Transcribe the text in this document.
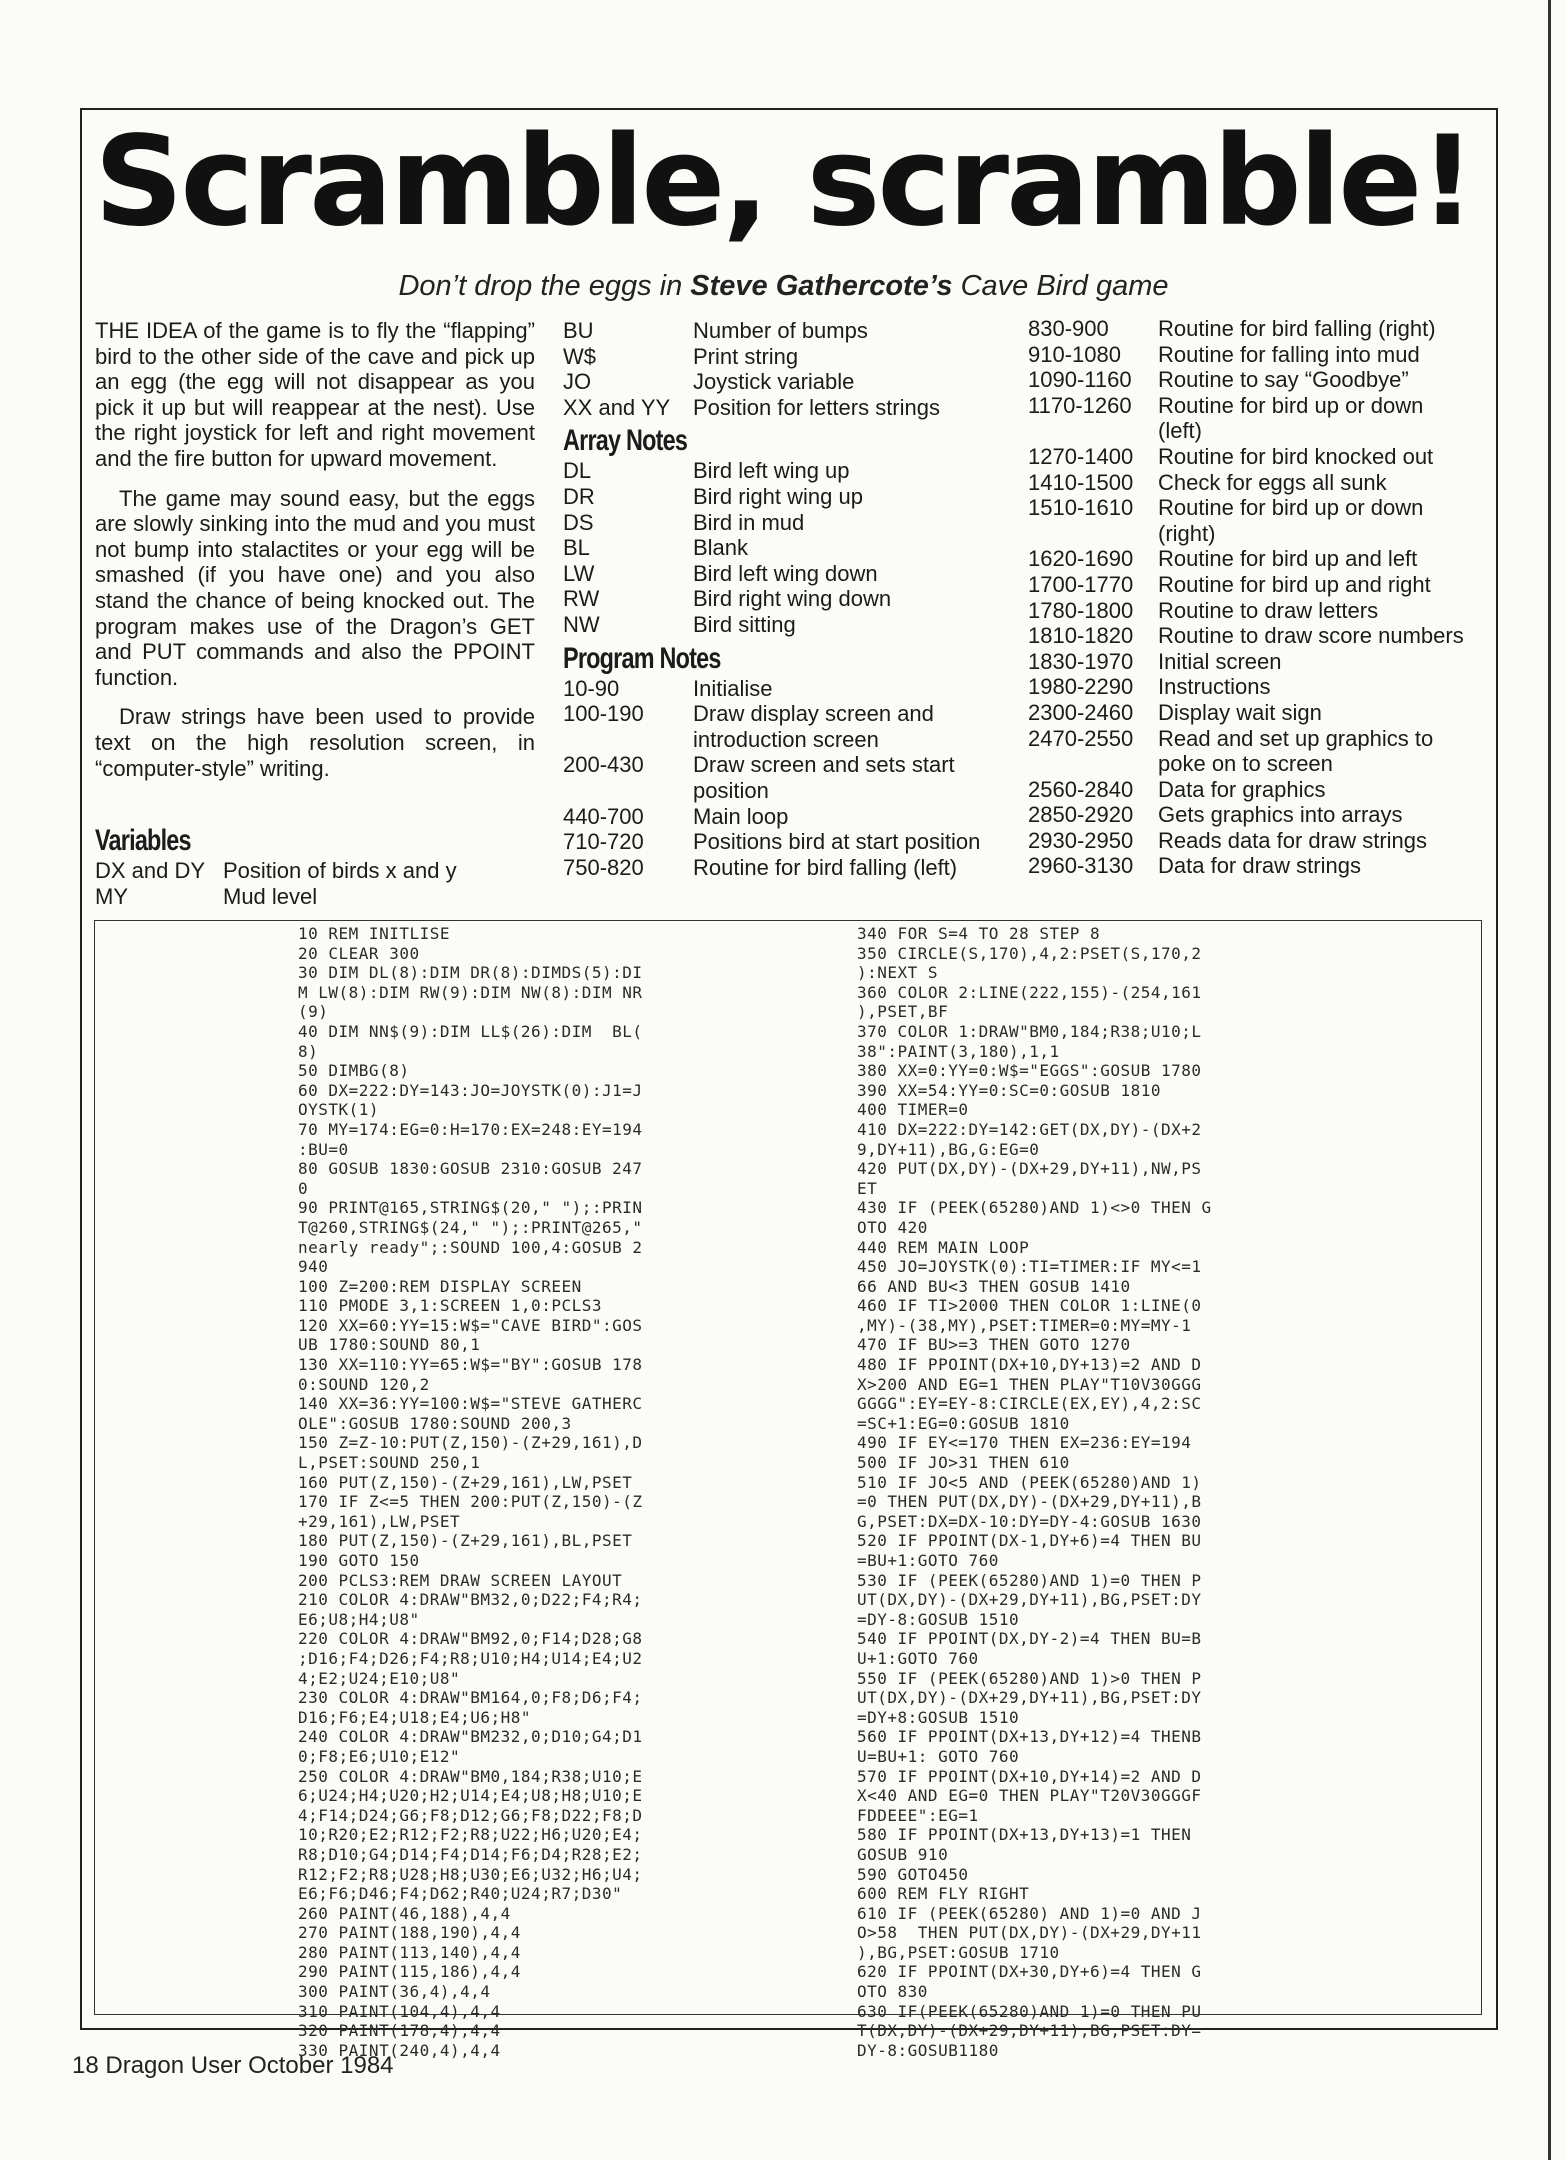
Scramble, scramble!
Don’t drop the eggs in Steve Gathercote’s Cave Bird game

THE IDEA of the game is to fly the “flapping” bird to the other side of the cave and pick up an egg (the egg will not disappear as you pick it up but will reappear at the nest). Use the right joystick for left and right movement and the fire button for upward movement.

The game may sound easy, but the eggs are slowly sinking into the mud and you must not bump into stalactites or your egg will be smashed (if you have one) and you also stand the chance of being knocked out. The program makes use of the Dragon’s GET and PUT commands and also the PPOINT function.

Draw strings have been used to provide text on the high resolution screen, in “computer-style” writing.

Variables
DX and DY	Position of birds x and y
MY	Mud level
BU	Number of bumps
W$	Print string
JO	Joystick variable
XX and YY	Position for letters strings
Array Notes
DL	Bird left wing up
DR	Bird right wing up
DS	Bird in mud
BL	Blank
LW	Bird left wing down
RW	Bird right wing down
NW	Bird sitting
Program Notes
10-90	Initialise
100-190	Draw display screen and introduction screen
200-430	Draw screen and sets start position
440-700	Main loop
710-720	Positions bird at start position
750-820	Routine for bird falling (left)
830-900	Routine for bird falling (right)
910-1080	Routine for falling into mud
1090-1160	Routine to say “Goodbye”
1170-1260	Routine for bird up or down (left)
1270-1400	Routine for bird knocked out
1410-1500	Check for eggs all sunk
1510-1610	Routine for bird up or down (right)
1620-1690	Routine for bird up and left
1700-1770	Routine for bird up and right
1780-1800	Routine to draw letters
1810-1820	Routine to draw score numbers
1830-1970	Initial screen
1980-2290	Instructions
2300-2460	Display wait sign
2470-2550	Read and set up graphics to poke on to screen
2560-2840	Data for graphics
2850-2920	Gets graphics into arrays
2930-2950	Reads data for draw strings
2960-3130	Data for draw strings
10 REM INITLISE
20 CLEAR 300
30 DIM DL(8):DIM DR(8):DIMDS(5):DI
M LW(8):DIM RW(9):DIM NW(8):DIM NR
(9)
40 DIM NN$(9):DIM LL$(26):DIM  BL(
8)
50 DIMBG(8)
60 DX=222:DY=143:JO=JOYSTK(0):J1=J
OYSTK(1)
70 MY=174:EG=0:H=170:EX=248:EY=194
:BU=0
80 GOSUB 1830:GOSUB 2310:GOSUB 247
0
90 PRINT@165,STRING$(20," ");:PRIN
T@260,STRING$(24," ");:PRINT@265,"
nearly ready";:SOUND 100,4:GOSUB 2
940
100 Z=200:REM DISPLAY SCREEN
110 PMODE 3,1:SCREEN 1,0:PCLS3
120 XX=60:YY=15:W$="CAVE BIRD":GOS
UB 1780:SOUND 80,1
130 XX=110:YY=65:W$="BY":GOSUB 178
0:SOUND 120,2
140 XX=36:YY=100:W$="STEVE GATHERC
OLE":GOSUB 1780:SOUND 200,3
150 Z=Z-10:PUT(Z,150)-(Z+29,161),D
L,PSET:SOUND 250,1
160 PUT(Z,150)-(Z+29,161),LW,PSET
170 IF Z<=5 THEN 200:PUT(Z,150)-(Z
+29,161),LW,PSET
180 PUT(Z,150)-(Z+29,161),BL,PSET
190 GOTO 150
200 PCLS3:REM DRAW SCREEN LAYOUT
210 COLOR 4:DRAW"BM32,0;D22;F4;R4;
E6;U8;H4;U8"
220 COLOR 4:DRAW"BM92,0;F14;D28;G8
;D16;F4;D26;F4;R8;U10;H4;U14;E4;U2
4;E2;U24;E10;U8"
230 COLOR 4:DRAW"BM164,0;F8;D6;F4;
D16;F6;E4;U18;E4;U6;H8"
240 COLOR 4:DRAW"BM232,0;D10;G4;D1
0;F8;E6;U10;E12"
250 COLOR 4:DRAW"BM0,184;R38;U10;E
6;U24;H4;U20;H2;U14;E4;U8;H8;U10;E
4;F14;D24;G6;F8;D12;G6;F8;D22;F8;D
10;R20;E2;R12;F2;R8;U22;H6;U20;E4;
R8;D10;G4;D14;F4;D14;F6;D4;R28;E2;
R12;F2;R8;U28;H8;U30;E6;U32;H6;U4;
E6;F6;D46;F4;D62;R40;U24;R7;D30"
260 PAINT(46,188),4,4
270 PAINT(188,190),4,4
280 PAINT(113,140),4,4
290 PAINT(115,186),4,4
300 PAINT(36,4),4,4
310 PAINT(104,4),4,4
320 PAINT(178,4),4,4
330 PAINT(240,4),4,4
340 FOR S=4 TO 28 STEP 8
350 CIRCLE(S,170),4,2:PSET(S,170,2
):NEXT S
360 COLOR 2:LINE(222,155)-(254,161
),PSET,BF
370 COLOR 1:DRAW"BM0,184;R38;U10;L
38":PAINT(3,180),1,1
380 XX=0:YY=0:W$="EGGS":GOSUB 1780
390 XX=54:YY=0:SC=0:GOSUB 1810
400 TIMER=0
410 DX=222:DY=142:GET(DX,DY)-(DX+2
9,DY+11),BG,G:EG=0
420 PUT(DX,DY)-(DX+29,DY+11),NW,PS
ET
430 IF (PEEK(65280)AND 1)<>0 THEN G
OTO 420
440 REM MAIN LOOP
450 JO=JOYSTK(0):TI=TIMER:IF MY<=1
66 AND BU<3 THEN GOSUB 1410
460 IF TI>2000 THEN COLOR 1:LINE(0
,MY)-(38,MY),PSET:TIMER=0:MY=MY-1
470 IF BU>=3 THEN GOTO 1270
480 IF PPOINT(DX+10,DY+13)=2 AND D
X>200 AND EG=1 THEN PLAY"T10V30GGG
GGGG":EY=EY-8:CIRCLE(EX,EY),4,2:SC
=SC+1:EG=0:GOSUB 1810
490 IF EY<=170 THEN EX=236:EY=194
500 IF JO>31 THEN 610
510 IF JO<5 AND (PEEK(65280)AND 1)
=0 THEN PUT(DX,DY)-(DX+29,DY+11),B
G,PSET:DX=DX-10:DY=DY-4:GOSUB 1630
520 IF PPOINT(DX-1,DY+6)=4 THEN BU
=BU+1:GOTO 760
530 IF (PEEK(65280)AND 1)=0 THEN P
UT(DX,DY)-(DX+29,DY+11),BG,PSET:DY
=DY-8:GOSUB 1510
540 IF PPOINT(DX,DY-2)=4 THEN BU=B
U+1:GOTO 760
550 IF (PEEK(65280)AND 1)>0 THEN P
UT(DX,DY)-(DX+29,DY+11),BG,PSET:DY
=DY+8:GOSUB 1510
560 IF PPOINT(DX+13,DY+12)=4 THENB
U=BU+1: GOTO 760
570 IF PPOINT(DX+10,DY+14)=2 AND D
X<40 AND EG=0 THEN PLAY"T20V30GGGF
FDDEEE":EG=1
580 IF PPOINT(DX+13,DY+13)=1 THEN
GOSUB 910
590 GOTO450
600 REM FLY RIGHT
610 IF (PEEK(65280) AND 1)=0 AND J
O>58  THEN PUT(DX,DY)-(DX+29,DY+11
),BG,PSET:GOSUB 1710
620 IF PPOINT(DX+30,DY+6)=4 THEN G
OTO 830
630 IF(PEEK(65280)AND 1)=0 THEN PU
T(DX,DY)-(DX+29,DY+11),BG,PSET:DY=
DY-8:GOSUB1180
18 Dragon User October 1984
